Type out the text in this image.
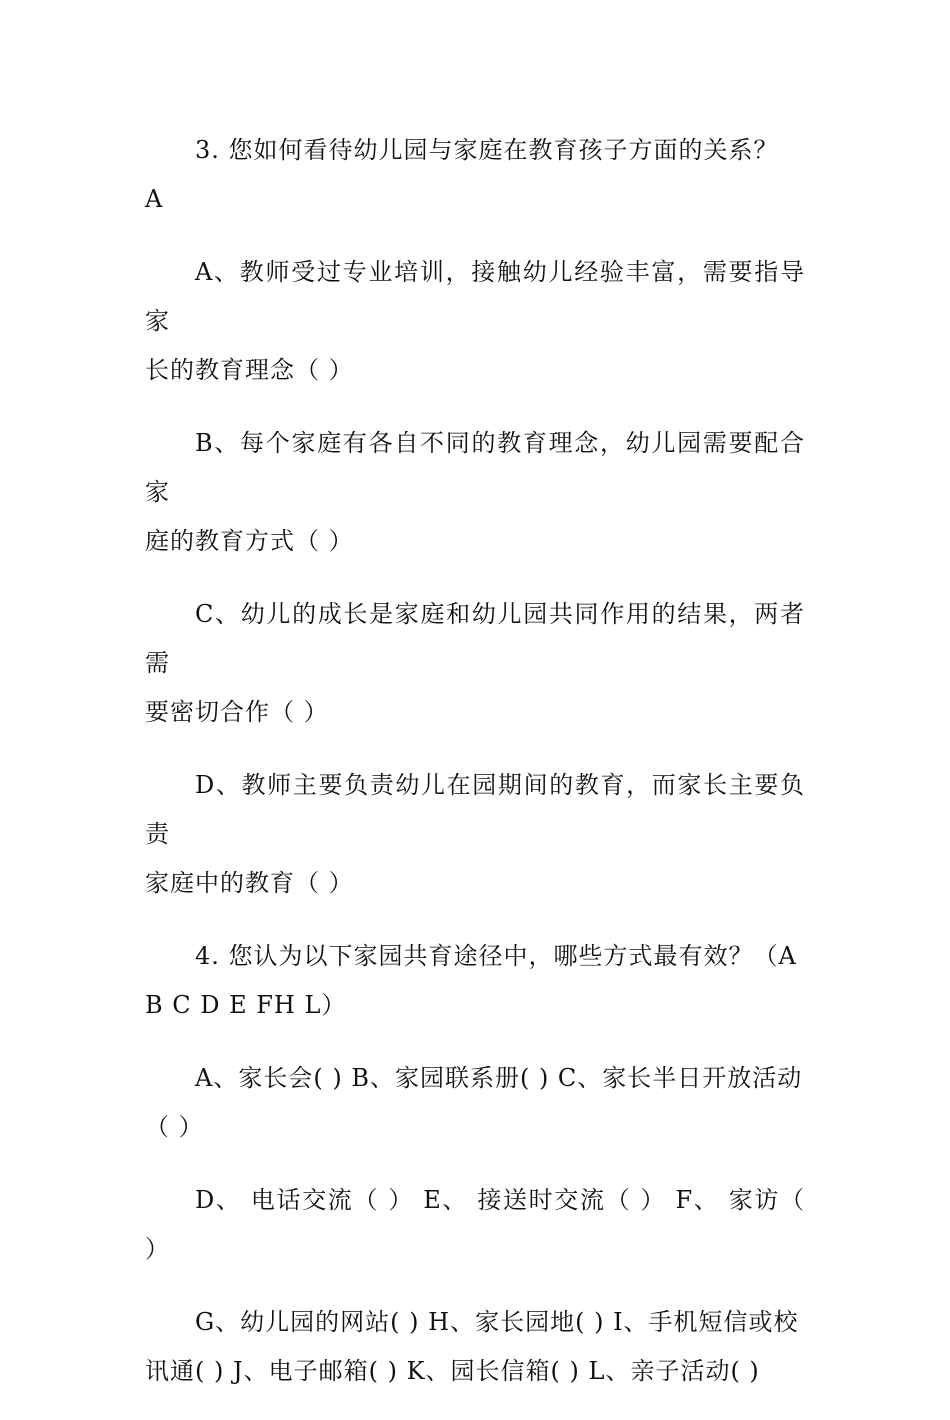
3. 您如何看待幼儿园与家庭在教育孩子方面的关系？
A

A、教师受过专业培训，接触幼儿经验丰富，需要指导家
长的教育理念（ ）

B、每个家庭有各自不同的教育理念，幼儿园需要配合家
庭的教育方式（ ）

C、幼儿的成长是家庭和幼儿园共同作用的结果，两者需
要密切合作（ ）

D、教师主要负责幼儿在园期间的教育，而家长主要负责
家庭中的教育（ ）

4. 您认为以下家园共育途径中，哪些方式最有效？（A
B C D E FH L）

A、家长会( ) B、家园联系册( ) C、家长半日开放活动
（ ）

D、 电话交流（ ） E、 接送时交流（ ） F、 家访（ ）

G、幼儿园的网站( ) H、家长园地( ) I、手机短信或校
讯通( ) J、电子邮箱( ) K、园长信箱( ) L、亲子活动( )
